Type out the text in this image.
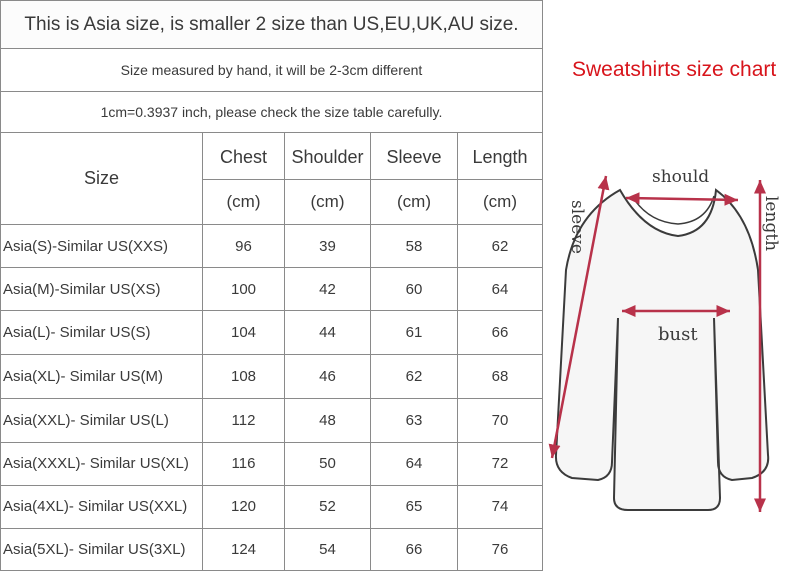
This is Asia size, is smaller 2 size than US,EU,UK,AU size.				
Size measured by hand, it will be 2-3cm different				
1cm=0.3937 inch, please check the size table carefully.				
Size	Chest	Shoulder	Sleeve	Length
	(cm)	(cm)	(cm)	(cm)
Asia(S)-Similar US(XXS)	96	39	58	62
Asia(M)-Similar US(XS)	100	42	60	64
Asia(L)- Similar US(S)	104	44	61	66
Asia(XL)- Similar US(M)	108	46	62	68
Asia(XXL)- Similar US(L)	112	48	63	70
Asia(XXXL)- Similar US(XL)	116	50	64	72
Asia(4XL)- Similar US(XXL)	120	52	65	74
Asia(5XL)- Similar US(3XL)	124	54	66	76
Sweatshirts size chart
should
bust
sleeve	length
